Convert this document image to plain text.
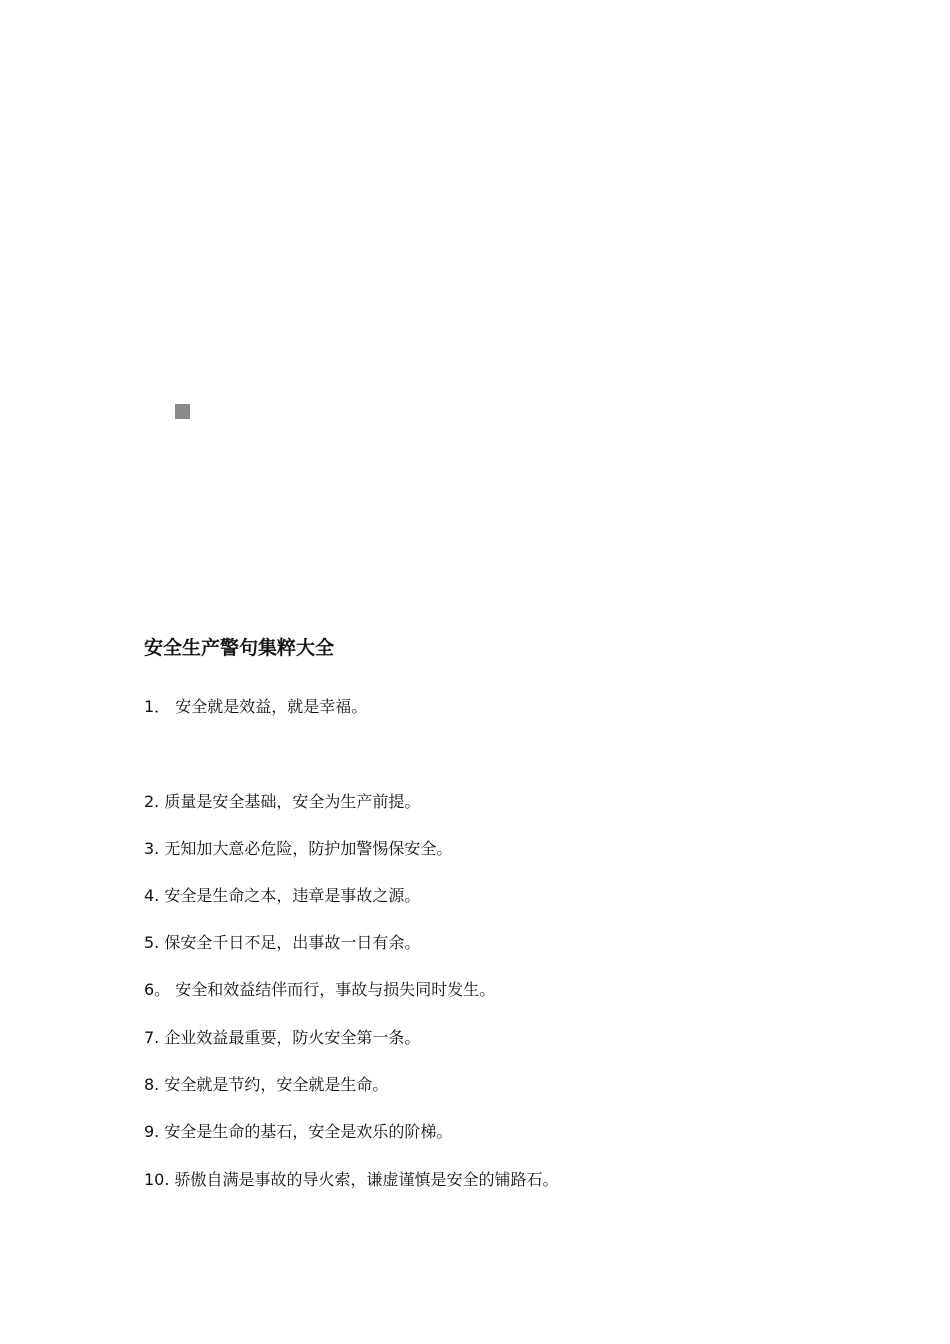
安全生产警句集粹大全
1． 安全就是效益，就是幸福。
2. 质量是安全基础，安全为生产前提。
3. 无知加大意必危险，防护加警惕保安全。
4. 安全是生命之本，违章是事故之源。
5. 保安全千日不足，出事故一日有余。
6。 安全和效益结伴而行，事故与损失同时发生。
7. 企业效益最重要，防火安全第一条。
8. 安全就是节约，安全就是生命。
9. 安全是生命的基石，安全是欢乐的阶梯。
10. 骄傲自满是事故的导火索，谦虚谨慎是安全的铺路石。
